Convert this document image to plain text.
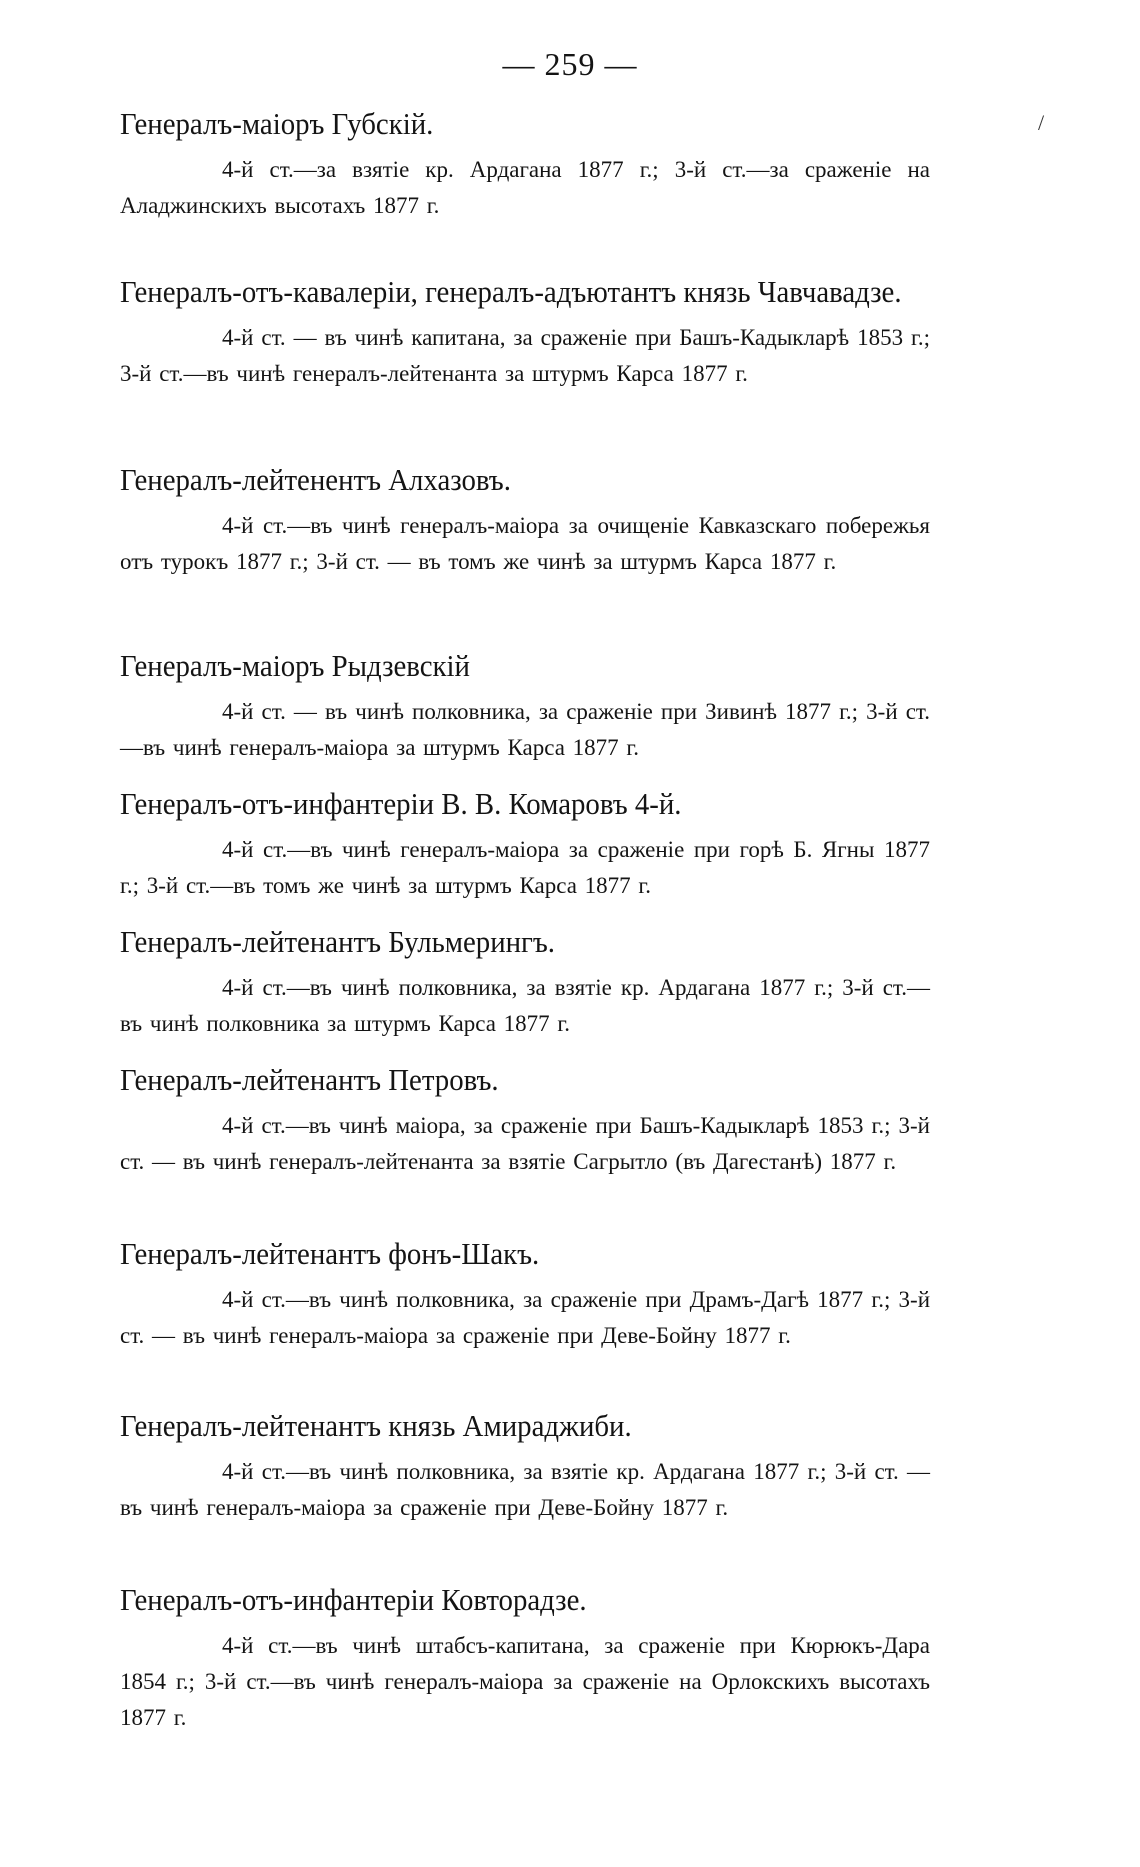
— 259 —
/
Генералъ-маіоръ Губскій.
4-й ст.—за взятіе кр. Ардагана 1877 г.; 3-й ст.—за сраженіе на Аладжинскихъ высотахъ 1877 г.
Генералъ-отъ-кавалеріи, генералъ-адъютантъ князь Чавчавадзе.
4-й ст. — въ чинѣ капитана, за сраженіе при Башъ-Кадыкларѣ 1853 г.; 3-й ст.—въ чинѣ генералъ-лейтенанта за штурмъ Карса 1877 г.
Генералъ-лейтенентъ Алхазовъ.
4-й ст.—въ чинѣ генералъ-маіора за очищеніе Кавказскаго побережья отъ турокъ 1877 г.; 3-й ст. — въ томъ же чинѣ за штурмъ Карса 1877 г.
Генералъ-маіоръ Рыдзевскій
4-й ст. — въ чинѣ полковника, за сраженіе при Зивинѣ 1877 г.; 3-й ст.—въ чинѣ генералъ-маіора за штурмъ Карса 1877 г.
Генералъ-отъ-инфантеріи В. В. Комаровъ 4-й.
4-й ст.—въ чинѣ генералъ-маіора за сраженіе при горѣ Б. Ягны 1877 г.; 3-й ст.—въ томъ же чинѣ за штурмъ Карса 1877 г.
Генералъ-лейтенантъ Бульмерингъ.
4-й ст.—въ чинѣ полковника, за взятіе кр. Ардагана 1877 г.; 3-й ст.—въ чинѣ полковника за штурмъ Карса 1877 г.
Генералъ-лейтенантъ Петровъ.
4-й ст.—въ чинѣ маіора, за сраженіе при Башъ-Кадыкларѣ 1853 г.; 3-й ст. — въ чинѣ генералъ-лейтенанта за взятіе Сагрытло (въ Дагестанѣ) 1877 г.
Генералъ-лейтенантъ фонъ-Шакъ.
4-й ст.—въ чинѣ полковника, за сраженіе при Драмъ-Дагѣ 1877 г.; 3-й ст. — въ чинѣ генералъ-маіора за сраженіе при Деве-Бойну 1877 г.
Генералъ-лейтенантъ князь Амираджиби.
4-й ст.—въ чинѣ полковника, за взятіе кр. Ардагана 1877 г.; 3-й ст. — въ чинѣ генералъ-маіора за сраженіе при Деве-Бойну 1877 г.
Генералъ-отъ-инфантеріи Ковторадзе.
4-й ст.—въ чинѣ штабсъ-капитана, за сраженіе при Кюрюкъ-Дара 1854 г.; 3-й ст.—въ чинѣ генералъ-маіора за сраженіе на Орлокскихъ высотахъ 1877 г.
